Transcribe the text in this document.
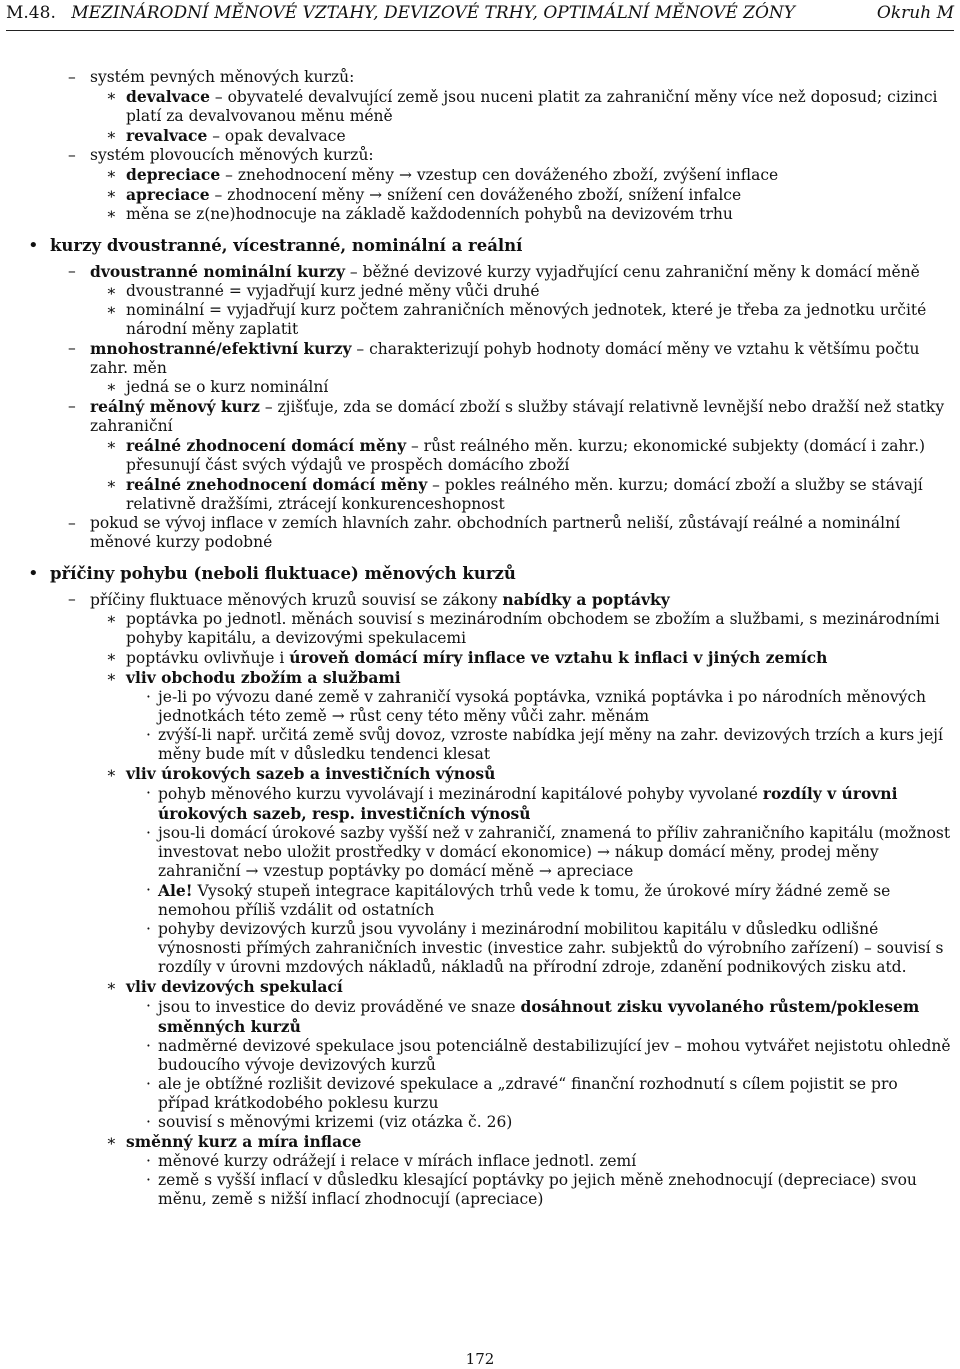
M.48. MEZINÁRODNÍ MĚNOVÉ VZTAHY, DEVIZOVÉ TRHY, OPTIMÁLNÍ MĚNOVÉ ZÓNY	Okruh M
– systém pevných měnových kurzů:
∗ devalvace – obyvatelé devalvující země jsou nuceni platit za zahraniční měny více než doposud; cizinci platí za devalvovanou měnu méně
∗ revalvace – opak devalvace
– systém plovoucích měnových kurzů:
∗ depreciace – znehodnocení měny → vzestup cen dováženého zboží, zvýšení inflace
∗ apreciace – zhodnocení měny → snížení cen dováženého zboží, snížení infalce
∗ měna se z(ne)hodnocuje na základě každodenních pohybů na devizovém trhu
• kurzy dvoustranné, vícestranné, nominální a reální
– dvoustranné nominální kurzy – běžné devizové kurzy vyjadřující cenu zahraniční měny k domácí měně
∗ dvoustranné = vyjadřují kurz jedné měny vůči druhé
∗ nominální = vyjadřují kurz počtem zahraničních měnových jednotek, které je třeba za jednotku určité národní měny zaplatit
– mnohostranné/efektivní kurzy – charakterizují pohyb hodnoty domácí měny ve vztahu k většímu počtu zahr. měn
∗ jedná se o kurz nominální
– reálný měnový kurz – zjišťuje, zda se domácí zboží s služby stávají relativně levnější nebo dražší než statky zahraniční
∗ reálné zhodnocení domácí měny – růst reálného měn. kurzu; ekonomické subjekty (domácí i zahr.) přesunují část svých výdajů ve prospěch domácího zboží
∗ reálné znehodnocení domácí měny – pokles reálného měn. kurzu; domácí zboží a služby se stávají relativně dražšími, ztrácejí konkurenceshopnost
– pokud se vývoj inflace v zemích hlavních zahr. obchodních partnerů neliší, zůstávají reálné a nominální měnové kurzy podobné
• příčiny pohybu (neboli fluktuace) měnových kurzů
– příčiny fluktuace měnových kruzů souvisí se zákony nabídky a poptávky
∗ poptávka po jednotl. měnách souvisí s mezinárodním obchodem se zbožím a službami, s mezinárodními pohyby kapitálu, a devizovými spekulacemi
∗ poptávku ovlivňuje i úroveň domácí míry inflace ve vztahu k inflaci v jiných zemích
∗ vliv obchodu zbožím a službami
· je-li po vývozu dané země v zahraničí vysoká poptávka, vzniká poptávka i po národních měnových jednotkách této země → růst ceny této měny vůči zahr. měnám
· zvýší-li např. určitá země svůj dovoz, vzroste nabídka její měny na zahr. devizových trzích a kurs její měny bude mít v důsledku tendenci klesat
∗ vliv úrokových sazeb a investičních výnosů
· pohyb měnového kurzu vyvolávají i mezinárodní kapitálové pohyby vyvolané rozdíly v úrovni úrokových sazeb, resp. investičních výnosů
· jsou-li domácí úrokové sazby vyšší než v zahraničí, znamená to příliv zahraničního kapitálu (možnost investovat nebo uložit prostředky v domácí ekonomice) → nákup domácí měny, prodej měny zahraniční → vzestup poptávky po domácí měně → apreciace
· Ale! Vysoký stupeň integrace kapitálových trhů vede k tomu, že úrokové míry žádné země se nemohou příliš vzdálit od ostatních
· pohyby devizových kurzů jsou vyvolány i mezinárodní mobilitou kapitálu v důsledku odlišné výnosnosti přímých zahraničních investic (investice zahr. subjektů do výrobního zařízení) – souvisí s rozdíly v úrovni mzdových nákladů, nákladů na přírodní zdroje, zdanění podnikových zisku atd.
∗ vliv devizových spekulací
· jsou to investice do deviz prováděné ve snaze dosáhnout zisku vyvolaného růstem/poklesem směnných kurzů
· nadměrné devizové spekulace jsou potenciálně destabilizující jev – mohou vytvářet nejistotu ohledně budoucího vývoje devizových kurzů
· ale je obtížné rozlišit devizové spekulace a „zdravé“ finanční rozhodnutí s cílem pojistit se pro případ krátkodobého poklesu kurzu
· souvisí s měnovými krizemi (viz otázka č. 26)
∗ směnný kurz a míra inflace
· měnové kurzy odrážejí i relace v mírách inflace jednotl. zemí
· země s vyšší inflací v důsledku klesající poptávky po jejich měně znehodnocují (depreciace) svou měnu, země s nižší inflací zhodnocují (apreciace)
172
